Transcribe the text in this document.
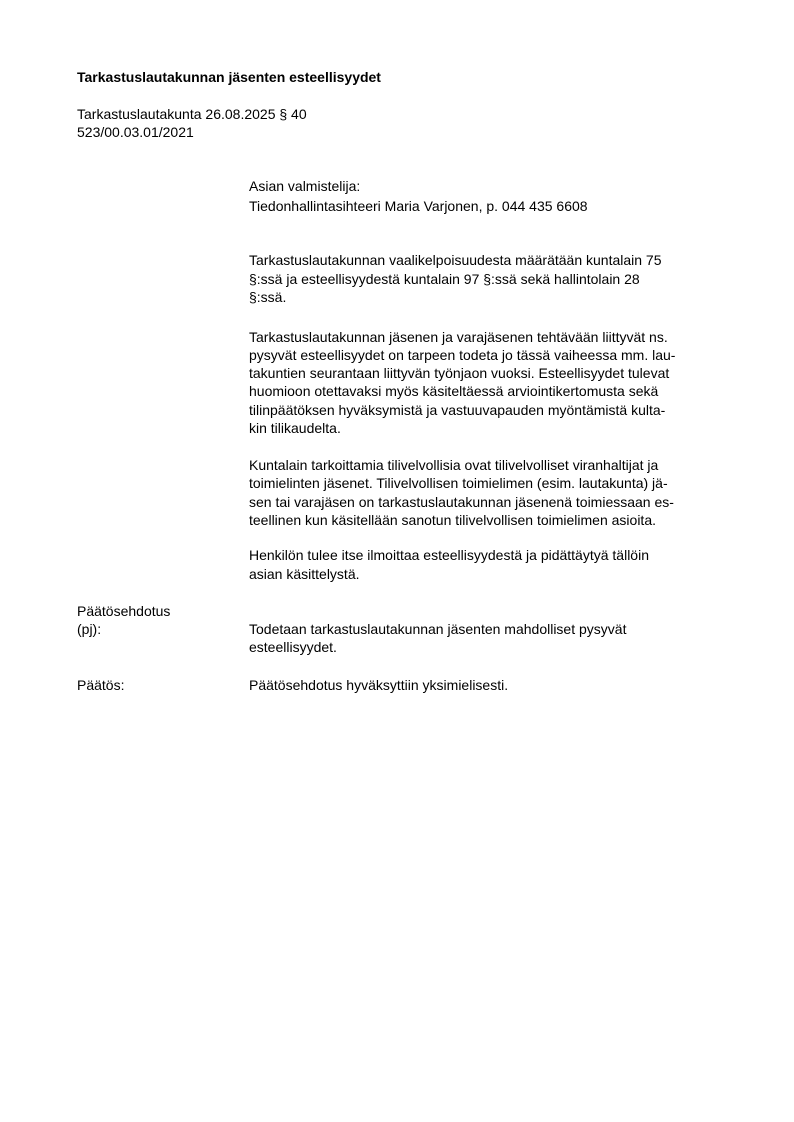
Tarkastuslautakunnan jäsenten esteellisyydet
Tarkastuslautakunta 26.08.2025 § 40
523/00.03.01/2021
Asian valmistelija:
Tiedonhallintasihteeri Maria Varjonen, p. 044 435 6608
Tarkastuslautakunnan vaalikelpoisuudesta määrätään kuntalain 75
§:ssä ja esteellisyydestä kuntalain 97 §:ssä sekä hallintolain 28
§:ssä.
Tarkastuslautakunnan jäsenen ja varajäsenen tehtävään liittyvät ns.
pysyvät esteellisyydet on tarpeen todeta jo tässä vaiheessa mm. lau-
takuntien seurantaan liittyvän työnjaon vuoksi. Esteellisyydet tulevat
huomioon otettavaksi myös käsiteltäessä arviointikertomusta sekä
tilinpäätöksen hyväksymistä ja vastuuvapauden myöntämistä kulta-
kin tilikaudelta.
Kuntalain tarkoittamia tilivelvollisia ovat tilivelvolliset viranhaltijat ja
toimielinten jäsenet. Tilivelvollisen toimielimen (esim. lautakunta) jä-
sen tai varajäsen on tarkastuslautakunnan jäsenenä toimiessaan es-
teellinen kun käsitellään sanotun tilivelvollisen toimielimen asioita.
Henkilön tulee itse ilmoittaa esteellisyydestä ja pidättäytyä tällöin
asian käsittelystä.
Päätösehdotus
(pj):	Todetaan tarkastuslautakunnan jäsenten mahdolliset pysyvät
esteellisyydet.
Päätös:	Päätösehdotus hyväksyttiin yksimielisesti.
